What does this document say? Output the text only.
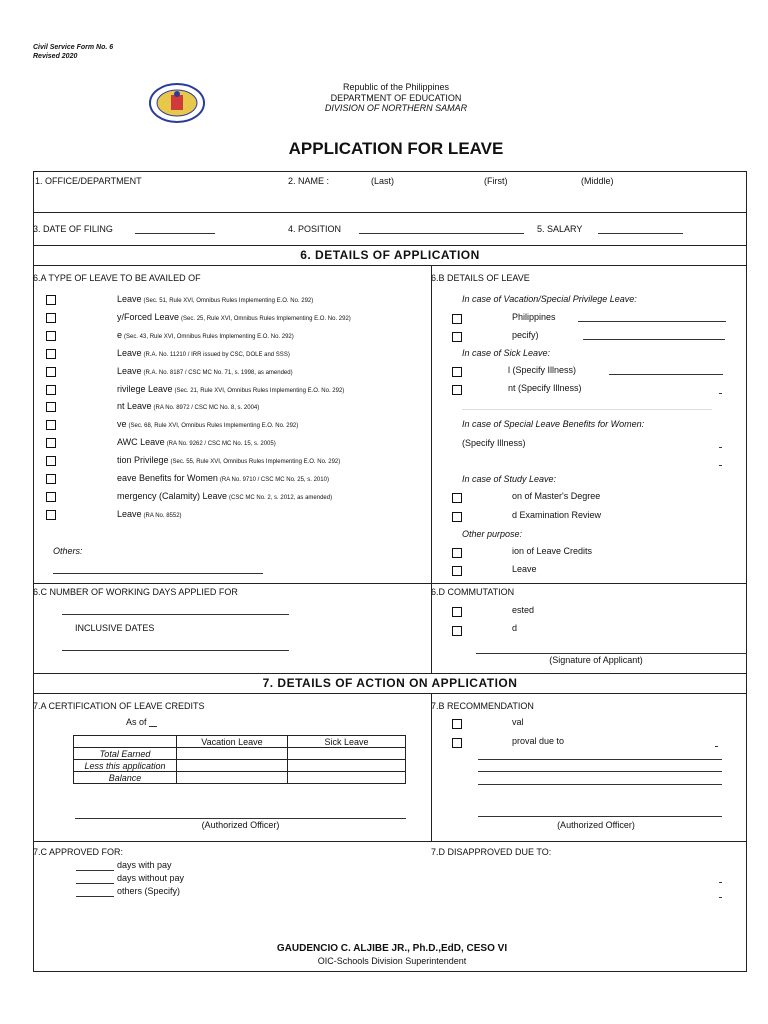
Civil Service Form No. 6
Revised 2020
Republic of the Philippines
DEPARTMENT OF EDUCATION
DIVISION OF NORTHERN SAMAR
APPLICATION FOR LEAVE
1. OFFICE/DEPARTMENT	2. NAME :	(Last)	(First)	(Middle)
3. DATE OF FILING	4. POSITION	5. SALARY
6. DETAILS OF APPLICATION
6.A TYPE OF LEAVE TO BE AVAILED OF
Leave (Sec. 51, Rule XVI, Omnibus Rules Implementing E.O. No. 292)
y/Forced Leave (Sec. 25, Rule XVI, Omnibus Rules Implementing E.O. No. 292)
e (Sec. 43, Rule XVI, Omnibus Rules Implementing E.O. No. 292)
Leave (R.A. No. 11210 / IRR issued by CSC, DOLE and SSS)
Leave (R.A. No. 8187 / CSC MC No. 71, s. 1998, as amended)
rivilege Leave (Sec. 21, Rule XVI, Omnibus Rules Implementing E.O. No. 292)
nt Leave (RA No. 8972 / CSC MC No. 8, s. 2004)
ve (Sec. 68, Rule XVI, Omnibus Rules Implementing E.O. No. 292)
AWC Leave (RA No. 9262 / CSC MC No. 15, s. 2005)
tion Privilege (Sec. 55, Rule XVI, Omnibus Rules Implementing E.O. No. 292)
eave Benefits for Women (RA No. 9710 / CSC MC No. 25, s. 2010)
mergency (Calamity) Leave (CSC MC No. 2, s. 2012, as amended)
Leave (RA No. 8552)
Others:
6.B DETAILS OF LEAVE
In case of Vacation/Special Privilege Leave:
Philippines
pecify)
In case of Sick Leave:
l (Specify Illness)
nt (Specify Illness)
In case of Special Leave Benefits for Women:
(Specify Illness)
In case of Study Leave:
on of Master's Degree
d Examination Review
Other purpose:
ion of Leave Credits
Leave
6.C NUMBER OF WORKING DAYS APPLIED FOR
INCLUSIVE DATES
6.D COMMUTATION
ested
d
(Signature of Applicant)
7. DETAILS OF ACTION ON APPLICATION
7.A CERTIFICATION OF LEAVE CREDITS
As of
	Vacation Leave	Sick Leave
Total Earned		
Less this application		
Balance		
(Authorized Officer)
7.B RECOMMENDATION
val
proval due to
(Authorized Officer)
7.C APPROVED FOR:
days with pay
days without pay
others (Specify)
7.D DISAPPROVED DUE TO:
GAUDENCIO C. ALJIBE JR., Ph.D.,EdD, CESO VI
OIC-Schools Division Superintendent
